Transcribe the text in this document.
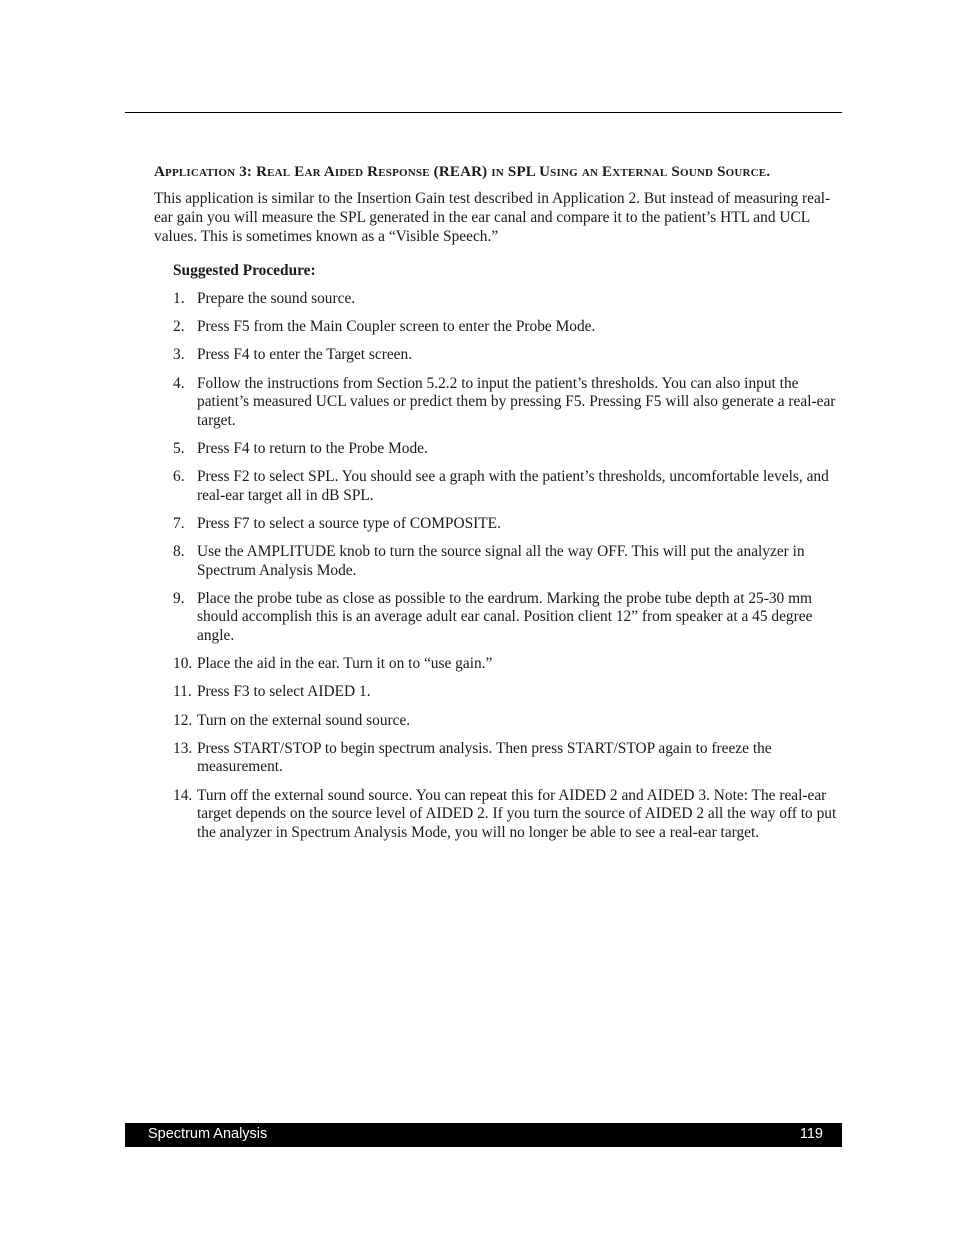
Application 3: Real Ear Aided Response (REAR) in SPL Using an External Sound Source.

This application is similar to the Insertion Gain test described in Application 2. But instead of measuring real-ear gain you will measure the SPL generated in the ear canal and compare it to the patient’s HTL and UCL values. This is sometimes known as a “Visible Speech.”

Suggested Procedure:
1. Prepare the sound source.
2. Press F5 from the Main Coupler screen to enter the Probe Mode.
3. Press F4 to enter the Target screen.
4. Follow the instructions from Section 5.2.2 to input the patient’s thresholds. You can also input the patient’s measured UCL values or predict them by pressing F5. Pressing F5 will also generate a real-ear target.
5. Press F4 to return to the Probe Mode.
6. Press F2 to select SPL. You should see a graph with the patient’s thresholds, uncomfortable levels, and real-ear target all in dB SPL.
7. Press F7 to select a source type of COMPOSITE.
8. Use the AMPLITUDE knob to turn the source signal all the way OFF. This will put the analyzer in Spectrum Analysis Mode.
9. Place the probe tube as close as possible to the eardrum. Marking the probe tube depth at 25-30 mm should accomplish this is an average adult ear canal. Position client 12” from speaker at a 45 degree angle.
10. Place the aid in the ear. Turn it on to “use gain.”
11. Press F3 to select AIDED 1.
12. Turn on the external sound source.
13. Press START/STOP to begin spectrum analysis. Then press START/STOP again to freeze the measurement.
14. Turn off the external sound source. You can repeat this for AIDED 2 and AIDED 3. Note: The real-ear target depends on the source level of AIDED 2. If you turn the source of AIDED 2 all the way off to put the analyzer in Spectrum Analysis Mode, you will no longer be able to see a real-ear target.
Spectrum Analysis	119
